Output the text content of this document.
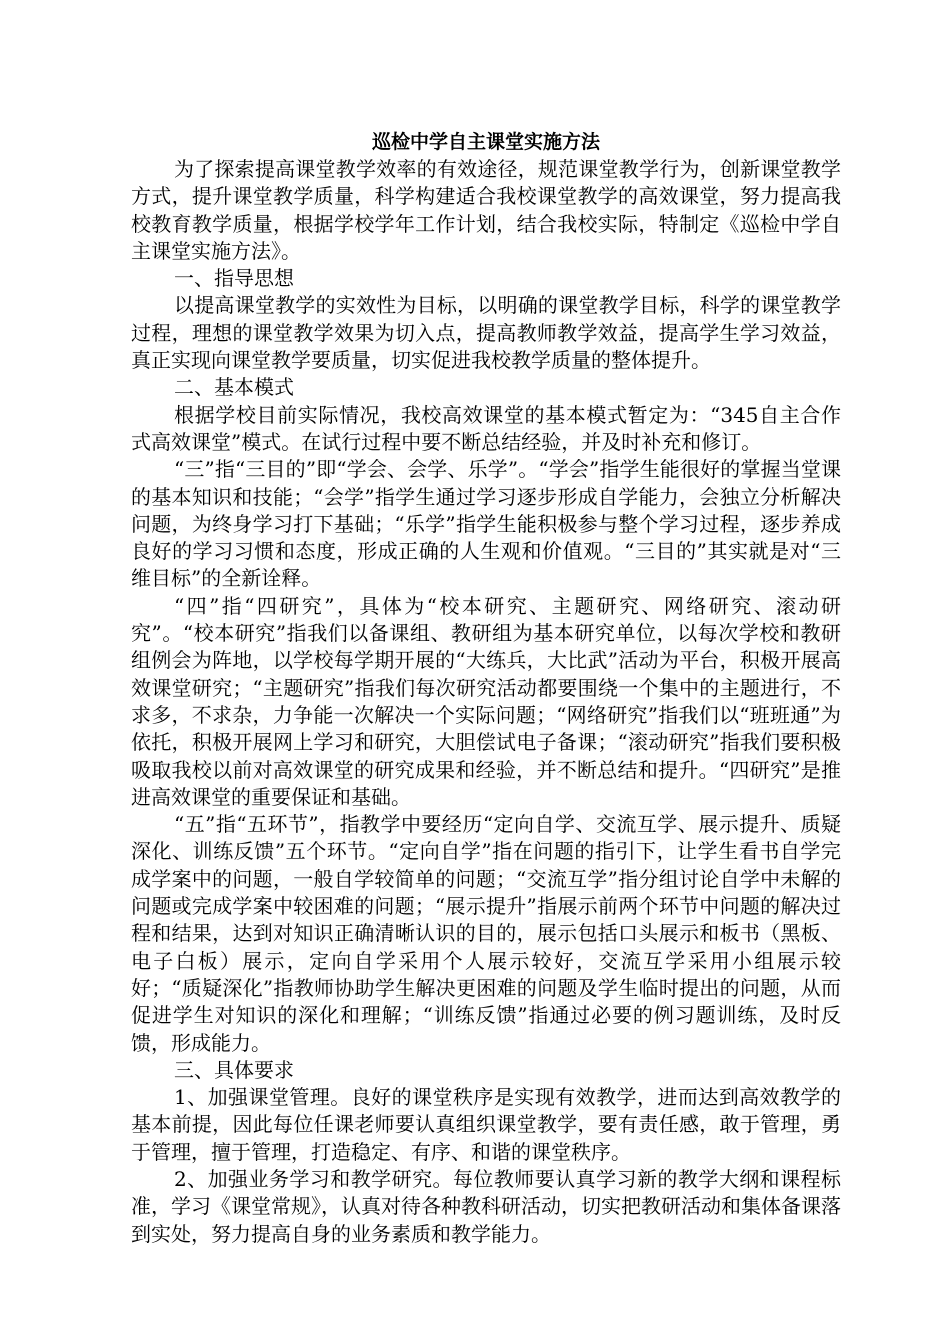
巡检中学自主课堂实施方法

为了探索提高课堂教学效率的有效途径，规范课堂教学行为，创新课堂教学方式，提升课堂教学质量，科学构建适合我校课堂教学的高效课堂，努力提高我校教育教学质量，根据学校学年工作计划，结合我校实际，特制定《巡检中学自主课堂实施方法》。

一、指导思想

以提高课堂教学的实效性为目标，以明确的课堂教学目标，科学的课堂教学过程，理想的课堂教学效果为切入点，提高教师教学效益，提高学生学习效益，真正实现向课堂教学要质量，切实促进我校教学质量的整体提升。

二、基本模式

根据学校目前实际情况，我校高效课堂的基本模式暂定为：“345自主合作式高效课堂”模式。在试行过程中要不断总结经验，并及时补充和修订。

“三”指“三目的”即“学会、会学、乐学”。“学会”指学生能很好的掌握当堂课的基本知识和技能；“会学”指学生通过学习逐步形成自学能力，会独立分析解决问题，为终身学习打下基础；“乐学”指学生能积极参与整个学习过程，逐步养成良好的学习习惯和态度，形成正确的人生观和价值观。“三目的”其实就是对“三维目标”的全新诠释。

“四”指“四研究”，具体为“校本研究、主题研究、网络研究、滚动研究”。“校本研究”指我们以备课组、教研组为基本研究单位，以每次学校和教研组例会为阵地，以学校每学期开展的“大练兵，大比武”活动为平台，积极开展高效课堂研究；“主题研究”指我们每次研究活动都要围绕一个集中的主题进行，不求多，不求杂，力争能一次解决一个实际问题；“网络研究”指我们以“班班通”为依托，积极开展网上学习和研究，大胆偿试电子备课；“滚动研究”指我们要积极吸取我校以前对高效课堂的研究成果和经验，并不断总结和提升。“四研究”是推进高效课堂的重要保证和基础。

“五”指“五环节”，指教学中要经历“定向自学、交流互学、展示提升、质疑深化、训练反馈”五个环节。“定向自学”指在问题的指引下，让学生看书自学完成学案中的问题，一般自学较简单的问题；“交流互学”指分组讨论自学中未解的问题或完成学案中较困难的问题；“展示提升”指展示前两个环节中问题的解决过程和结果，达到对知识正确清晰认识的目的，展示包括口头展示和板书（黑板、电子白板）展示，定向自学采用个人展示较好，交流互学采用小组展示较好；“质疑深化”指教师协助学生解决更困难的问题及学生临时提出的问题，从而促进学生对知识的深化和理解；“训练反馈”指通过必要的例习题训练，及时反馈，形成能力。

三、具体要求

1、加强课堂管理。良好的课堂秩序是实现有效教学，进而达到高效教学的基本前提，因此每位任课老师要认真组织课堂教学，要有责任感，敢于管理，勇于管理，擅于管理，打造稳定、有序、和谐的课堂秩序。

2、加强业务学习和教学研究。每位教师要认真学习新的教学大纲和课程标准，学习《课堂常规》，认真对待各种教科研活动，切实把教研活动和集体备课落到实处，努力提高自身的业务素质和教学能力。
